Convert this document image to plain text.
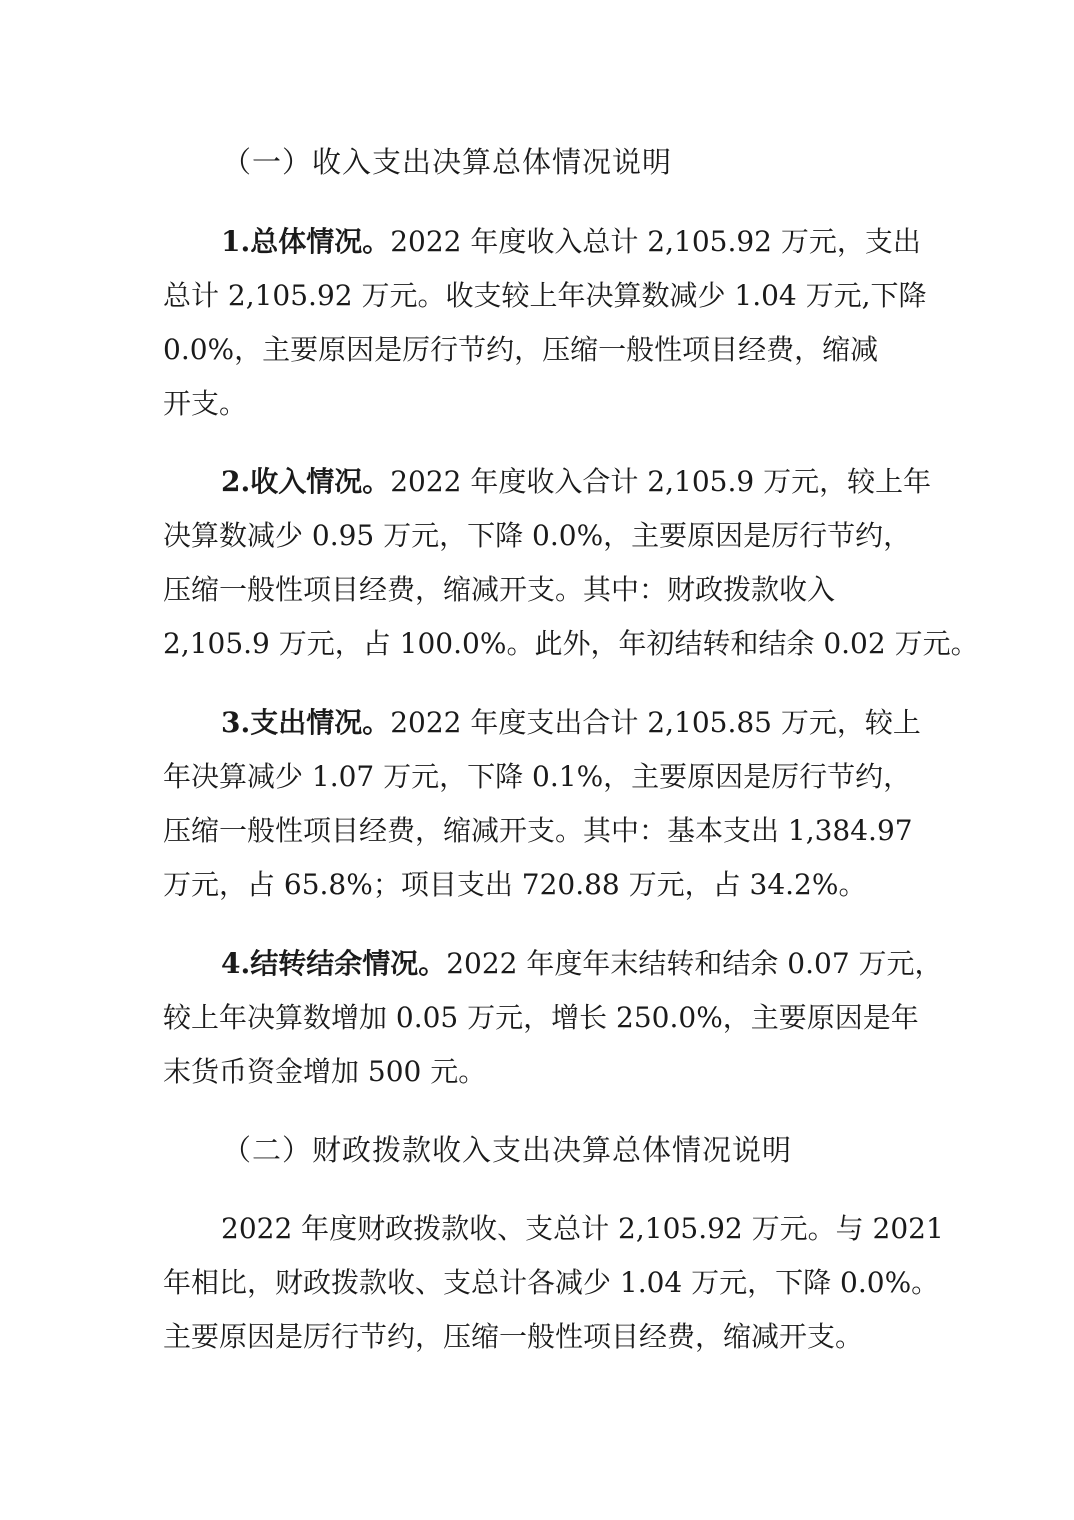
（一）收入支出决算总体情况说明
1.总体情况。2022 年度收入总计 2,105.92 万元，支出
总计 2,105.92 万元。收支较上年决算数减少 1.04 万元,下降
0.0%，主要原因是厉行节约，压缩一般性项目经费，缩减
开支。
2.收入情况。2022 年度收入合计 2,105.9 万元，较上年
决算数减少 0.95 万元，下降 0.0%，主要原因是厉行节约，
压缩一般性项目经费，缩减开支。其中：财政拨款收入
2,105.9 万元，占 100.0%。此外，年初结转和结余 0.02 万元。
3.支出情况。2022 年度支出合计 2,105.85 万元，较上
年决算减少 1.07 万元，下降 0.1%，主要原因是厉行节约，
压缩一般性项目经费，缩减开支。其中：基本支出 1,384.97
万元，占 65.8%；项目支出 720.88 万元，占 34.2%。
4.结转结余情况。2022 年度年末结转和结余 0.07 万元，
较上年决算数增加 0.05 万元，增长 250.0%，主要原因是年
末货币资金增加 500 元。
（二）财政拨款收入支出决算总体情况说明
2022 年度财政拨款收、支总计 2,105.92 万元。与 2021
年相比，财政拨款收、支总计各减少 1.04 万元，下降 0.0%。
主要原因是厉行节约，压缩一般性项目经费，缩减开支。
